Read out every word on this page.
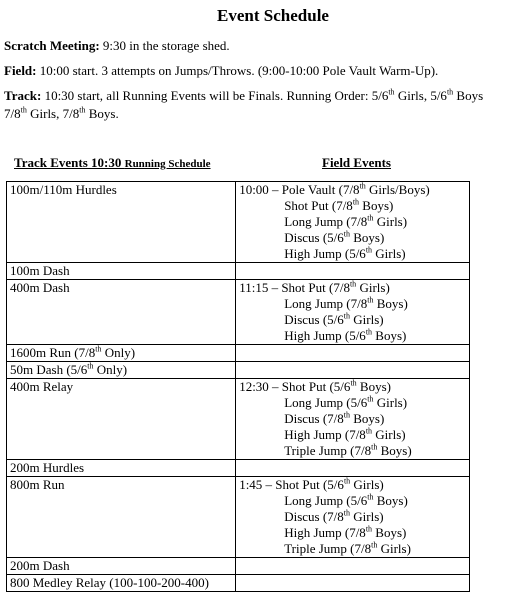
Event Schedule
Scratch Meeting: 9:30 in the storage shed.
Field: 10:00 start. 3 attempts on Jumps/Throws. (9:00-10:00 Pole Vault Warm-Up).
Track: 10:30 start, all Running Events will be Finals. Running Order: 5/6th Girls, 5/6th Boys
7/8th Girls, 7/8th Boys.
Track Events 10:30 Running Schedule	Field Events
100m/110m Hurdles	10:00 – Pole Vault (7/8th Girls/Boys)
Shot Put (7/8th Boys)
Long Jump (7/8th Girls)
Discus (5/6th Boys)
High Jump (5/6th Girls)

100m Dash	
400m Dash	11:15 – Shot Put (7/8th Girls)
Long Jump (7/8th Boys)
Discus (5/6th Girls)
High Jump (5/6th Boys)

1600m Run (7/8th Only)	
50m Dash (5/6th Only)	
400m Relay	12:30 – Shot Put (5/6th Boys)
Long Jump (5/6th Girls)
Discus (7/8th Boys)
High Jump (7/8th Girls)
Triple Jump (7/8th Boys)

200m Hurdles	
800m Run	1:45 – Shot Put (5/6th Girls)
Long Jump (5/6th Boys)
Discus (7/8th Girls)
High Jump (7/8th Boys)
Triple Jump (7/8th Girls)

200m Dash	
800 Medley Relay (100-100-200-400)	
